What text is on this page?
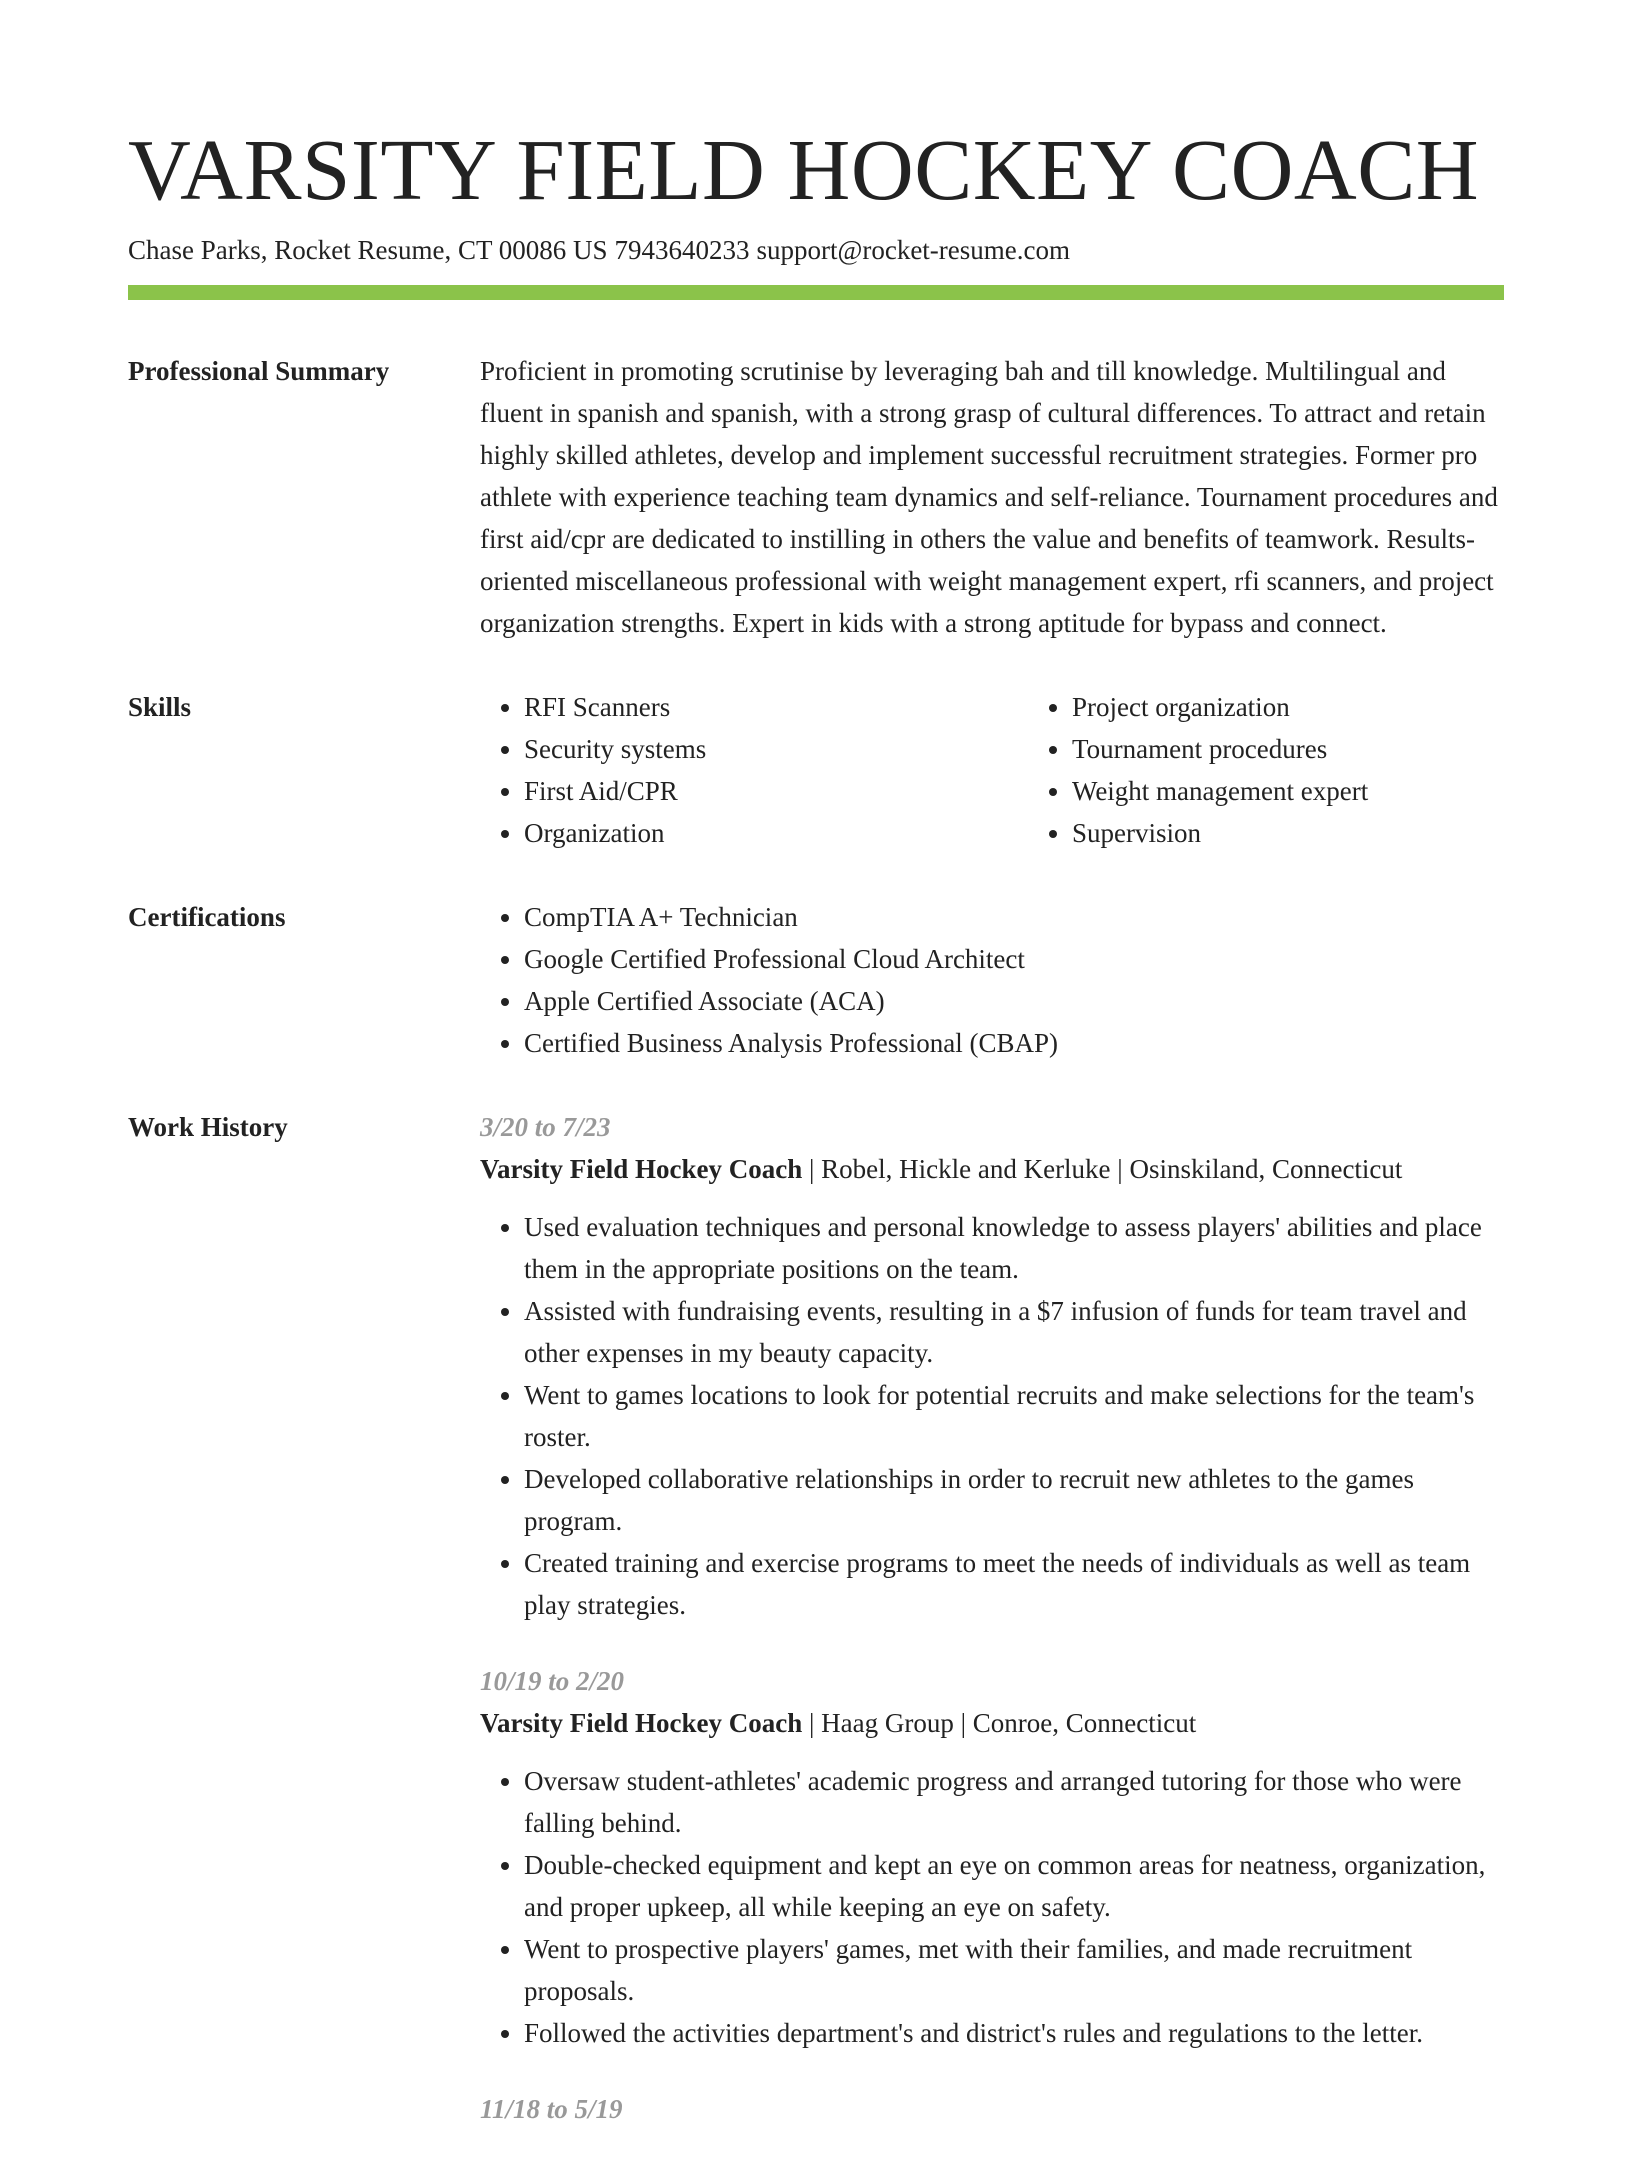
VARSITY FIELD HOCKEY COACH
Chase Parks, Rocket Resume, CT 00086 US 7943640233 support@rocket-resume.com
Professional Summary	Proficient in promoting scrutinise by leveraging bah and till knowledge. Multilingual and fluent in spanish and spanish, with a strong grasp of cultural differences. To attract and retain highly skilled athletes, develop and implement successful recruitment strategies. Former pro athlete with experience teaching team dynamics and self-reliance. Tournament procedures and first aid/cpr are dedicated to instilling in others the value and benefits of teamwork. Results-oriented miscellaneous professional with weight management expert, rfi scanners, and project organization strengths. Expert in kids with a strong aptitude for bypass and connect.

Skills	• RFI Scanners
• Security systems
• First Aid/CPR
• Organization
• Project organization
• Tournament procedures
• Weight management expert
• Supervision
Certifications	• CompTIA A+ Technician
• Google Certified Professional Cloud Architect
• Apple Certified Associate (ACA)
• Certified Business Analysis Professional (CBAP)
Work History	3/20 to 7/23
Varsity Field Hockey Coach | Robel, Hickle and Kerluke | Osinskiland, Connecticut
• Used evaluation techniques and personal knowledge to assess players' abilities and place them in the appropriate positions on the team.
• Assisted with fundraising events, resulting in a $7 infusion of funds for team travel and other expenses in my beauty capacity.
• Went to games locations to look for potential recruits and make selections for the team's roster.
• Developed collaborative relationships in order to recruit new athletes to the games program.
• Created training and exercise programs to meet the needs of individuals as well as team play strategies.
10/19 to 2/20
Varsity Field Hockey Coach | Haag Group | Conroe, Connecticut
• Oversaw student-athletes' academic progress and arranged tutoring for those who were falling behind.
• Double-checked equipment and kept an eye on common areas for neatness, organization, and proper upkeep, all while keeping an eye on safety.
• Went to prospective players' games, met with their families, and made recruitment proposals.
• Followed the activities department's and district's rules and regulations to the letter.
11/18 to 5/19
